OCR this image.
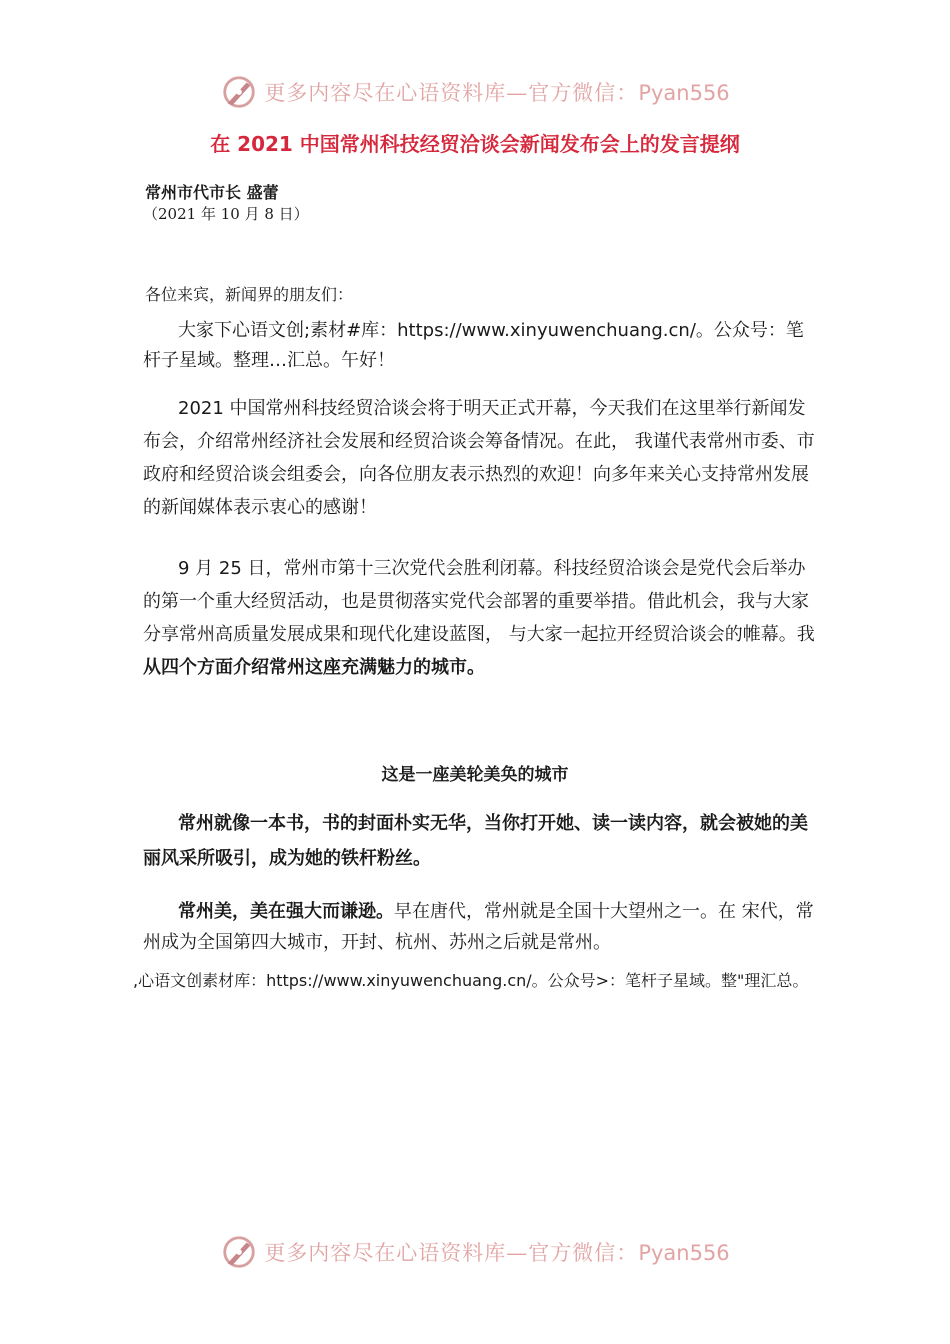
更多内容尽在心语资料库—官方微信：Pyan556
在 2021 中国常州科技经贸洽谈会新闻发布会上的发言提纲
常州市代市长 盛蕾
（2021 年 10 月 8 日）
各位来宾，新闻界的朋友们：

大家下心语文创;素材#库：https://www.xinyuwenchuang.cn/。公众号：笔杆子星域。整理…汇总。午好！

2021 中国常州科技经贸洽谈会将于明天正式开幕，今天我们在这里举行新闻发布会，介绍常州经济社会发展和经贸洽谈会筹备情况。在此， 我谨代表常州市委、市政府和经贸洽谈会组委会，向各位朋友表示热烈的欢迎！向多年来关心支持常州发展的新闻媒体表示衷心的感谢！

9 月 25 日，常州市第十三次党代会胜利闭幕。科技经贸洽谈会是党代会后举办的第一个重大经贸活动，也是贯彻落实党代会部署的重要举措。借此机会，我与大家分享常州高质量发展成果和现代化建设蓝图， 与大家一起拉开经贸洽谈会的帷幕。我从四个方面介绍常州这座充满魅力的城市。

这是一座美轮美奂的城市

常州就像一本书，书的封面朴实无华，当你打开她、读一读内容，就会被她的美丽风采所吸引，成为她的铁杆粉丝。

常州美，美在强大而谦逊。早在唐代，常州就是全国十大望州之一。在 宋代，常州成为全国第四大城市，开封、杭州、苏州之后就是常州。

,心语文创素材库：https://www.xinyuwenchuang.cn/。公众号>：笔杆子星域。整"理汇总。

更多内容尽在心语资料库—官方微信：Pyan556
